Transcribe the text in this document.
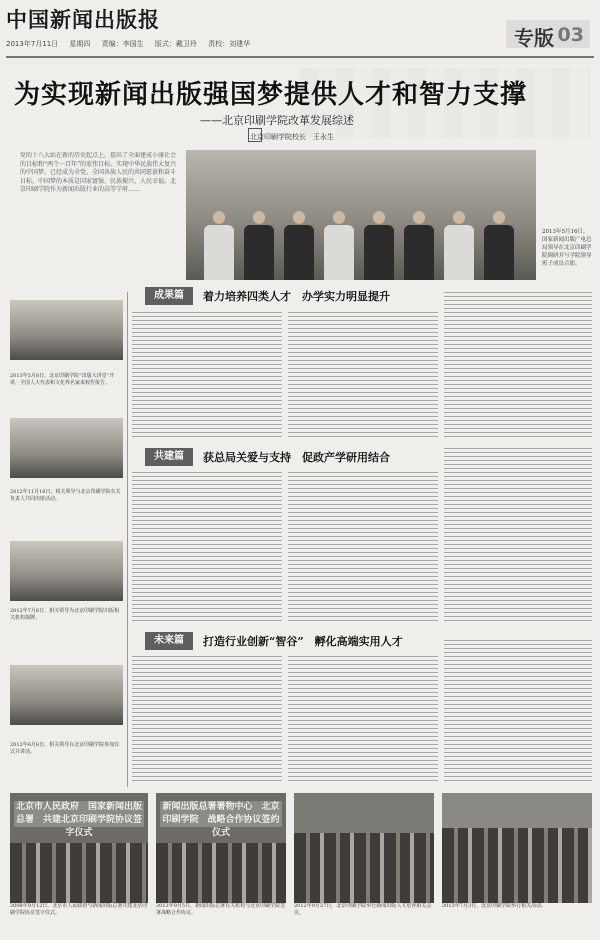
中国新闻出版报
2013年7月11日 星期四 责编：李国生 版式：戴卫玲 责校：刘建华	专版 03
为实现新闻出版强国梦提供人才和智力支撑
——北京印刷学院改革发展综述
北京印刷学院校长　王永生
党的十八大站在新的历史起点上，提出了全面建成小康社会的目标和“两个一百年”的宏伟目标。实现中华民族伟大复兴的中国梦，已经成为全党、全国各族人民的共同愿景和奋斗目标。中国梦的本质是国家富强、民族振兴、人民幸福。北京印刷学院作为新闻出版行业的高等学府……
2013年5月16日，国家新闻出版广电总局领导在北京印刷学院调研并与学院领导班子成员合影。
2013年5月8日，北京印刷学院“出版大讲堂”开讲，全国人大代表和文化界名家来校作报告。
2012年11月18日，相关领导与北京印刷学院有关负责人共同出席活动。
2012年7月6日，相关领导为北京印刷学院出版相关机构揭牌。
2012年6月8日，相关领导在北京印刷学院参加仪式并讲话。
成果篇	着力培养四类人才　办学实力明显提升
共建篇	获总局关爱与支持　促政产学研用结合
未来篇	打造行业创新“智谷”　孵化高端实用人才
北京市人民政府　国家新闻出版总署　共建北京印刷学院协议签字仪式
新闻出版总署署物中心　北京印刷学院　战略合作协议签约仪式
2008年9月12日，北京市人民政府与新闻出版总署共建北京印刷学院协议签字仪式。
2012年9月5日，新闻出版总署有关机构与北京印刷学院签署战略合作协议。
2012年9月27日，北京印刷学院举行新闻出版人才培养相关会议。
2013年7月3日，北京印刷学院举行相关活动。
